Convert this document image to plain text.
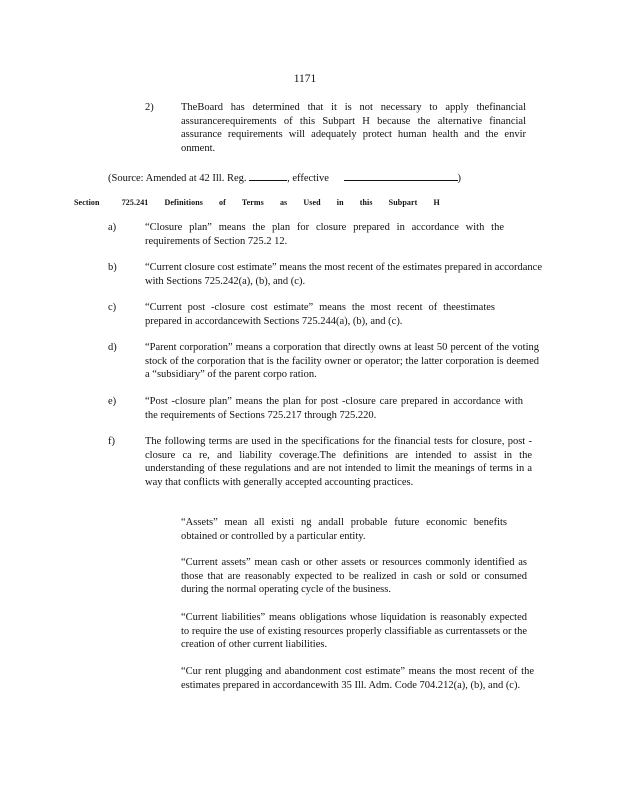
1171
2)	TheBoard has determined that it is not necessary to apply thefinancial assurancerequirements of this Subpart H because the alternative financial assurance requirements will adequately protect human health and the envir onment.
(Source: Amended at 42 Ill. Reg.	, effective	)
Section	725.241 Definitions of Terms as Used in this Subpart H
a)	“Closure plan” means the plan for closure prepared in accordance with the requirements of Section 725.2 12.
b)	“Current closure cost estimate” means the most recent of the estimates prepared in accordance with Sections 725.242(a), (b), and (c).
c)	“Current post -closure cost estimate” means the most recent of theestimates prepared in accordancewith Sections 725.244(a), (b), and (c).
d)	“Parent corporation” means a corporation that directly owns at least 50 percent of the voting stock of the corporation that is the facility owner or operator; the latter corporation is deemed a “subsidiary” of the parent corpo ration.
e)	“Post -closure plan” means the plan for post -closure care prepared in accordance with the requirements of Sections 725.217 through 725.220.
f)	The following terms are used in the specifications for the financial tests for closure, post -closure ca re, and liability coverage.The definitions are intended to assist in the understanding of these regulations and are not intended to limit the meanings of terms in a way that conflicts with generally accepted accounting practices.
“Assets” mean all existi ng andall probable future economic benefits obtained or controlled by a particular entity.
“Current assets” mean cash or other assets or resources commonly identified as those that are reasonably expected to be realized in cash or sold or consumed during the normal operating cycle of the business.
“Current liabilities” means obligations whose liquidation is reasonably expected to require the use of existing resources properly classifiable as currentassets or the creation of other current liabilities.
“Cur rent plugging and abandonment cost estimate” means the most recent of the estimates prepared in accordancewith 35 Ill. Adm. Code 704.212(a), (b), and (c).
